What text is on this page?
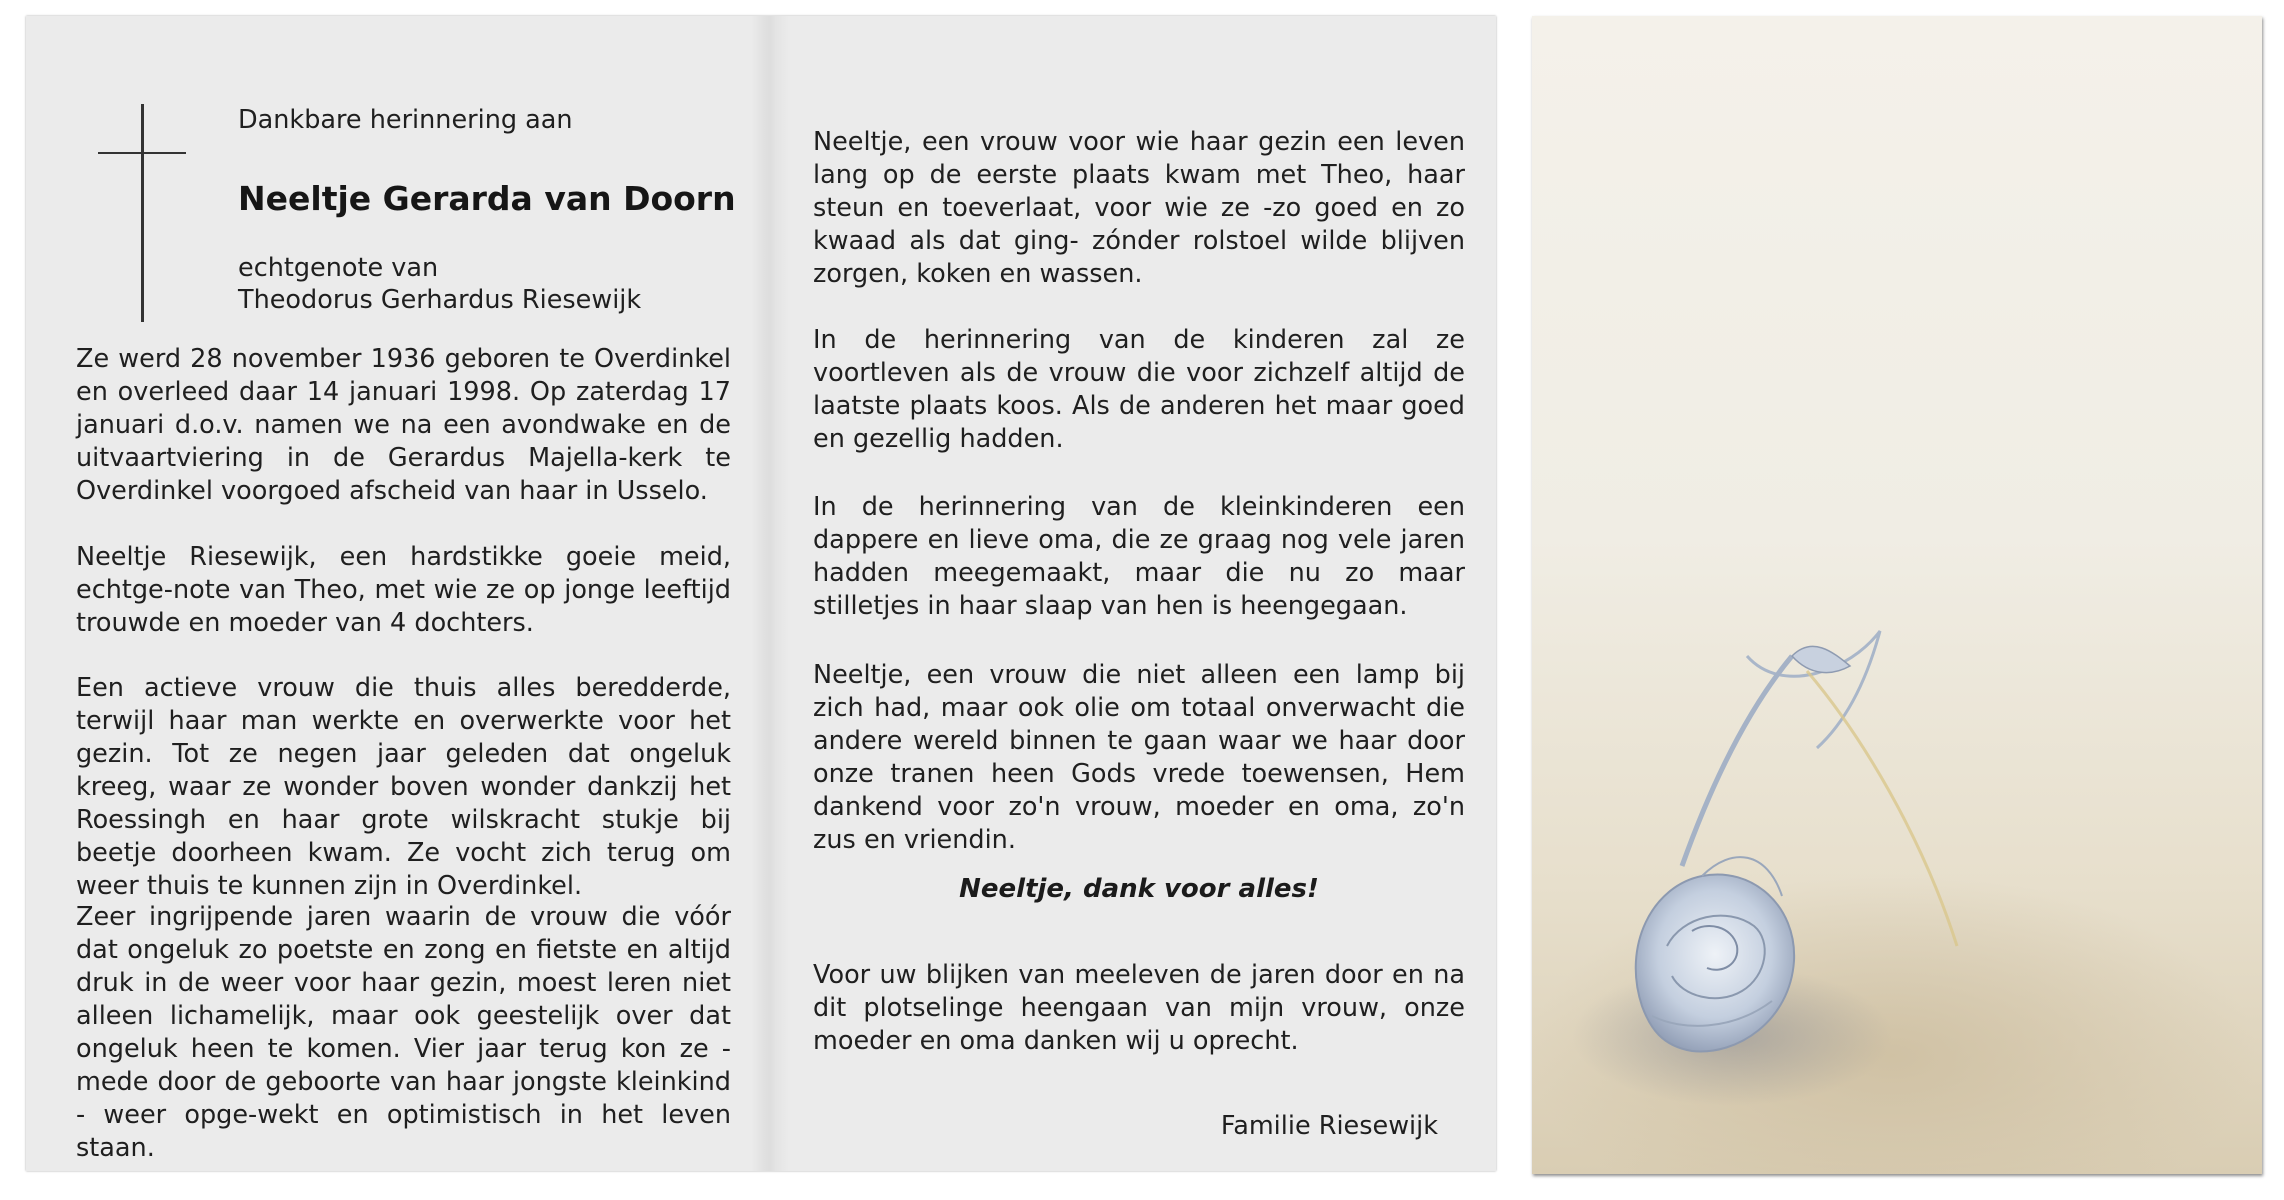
Dankbare herinnering aan
Neeltje Gerarda van Doorn
echtgenote van
Theodorus Gerhardus Riesewijk

Ze werd 28 november 1936 geboren te Overdinkel en overleed daar 14 januari 1998. Op zaterdag 17 januari d.o.v. namen we na een avondwake en de uitvaartviering in de Gerardus Majella-kerk te Overdinkel voorgoed afscheid van haar in Usselo.

Neeltje Riesewijk, een hardstikke goeie meid, echtge-note van Theo, met wie ze op jonge leeftijd trouwde en moeder van 4 dochters.

Een actieve vrouw die thuis alles beredderde, terwijl haar man werkte en overwerkte voor het gezin. Tot ze negen jaar geleden dat ongeluk kreeg, waar ze wonder boven wonder dankzij het Roessingh en haar grote wilskracht stukje bij beetje doorheen kwam. Ze vocht zich terug om weer thuis te kunnen zijn in Overdinkel.

Zeer ingrijpende jaren waarin de vrouw die vóór dat ongeluk zo poetste en zong en fietste en altijd druk in de weer voor haar gezin, moest leren niet alleen lichamelijk, maar ook geestelijk over dat ongeluk heen te komen. Vier jaar terug kon ze - mede door de geboorte van haar jongste kleinkind - weer opge-wekt en optimistisch in het leven staan.

Neeltje, een vrouw voor wie haar gezin een leven lang op de eerste plaats kwam met Theo, haar steun en toeverlaat, voor wie ze -zo goed en zo kwaad als dat ging- zónder rolstoel wilde blijven zorgen, koken en wassen.

In de herinnering van de kinderen zal ze voortleven als de vrouw die voor zichzelf altijd de laatste plaats koos. Als de anderen het maar goed en gezellig hadden.

In de herinnering van de kleinkinderen een dappere en lieve oma, die ze graag nog vele jaren hadden meegemaakt, maar die nu zo maar stilletjes in haar slaap van hen is heengegaan.

Neeltje, een vrouw die niet alleen een lamp bij zich had, maar ook olie om totaal onverwacht die andere wereld binnen te gaan waar we haar door onze tranen heen Gods vrede toewensen, Hem dankend voor zo'n vrouw, moeder en oma, zo'n zus en vriendin.

Neeltje, dank voor alles!

Voor uw blijken van meeleven de jaren door en na dit plotselinge heengaan van mijn vrouw, onze moeder en oma danken wij u oprecht.

Familie Riesewijk
